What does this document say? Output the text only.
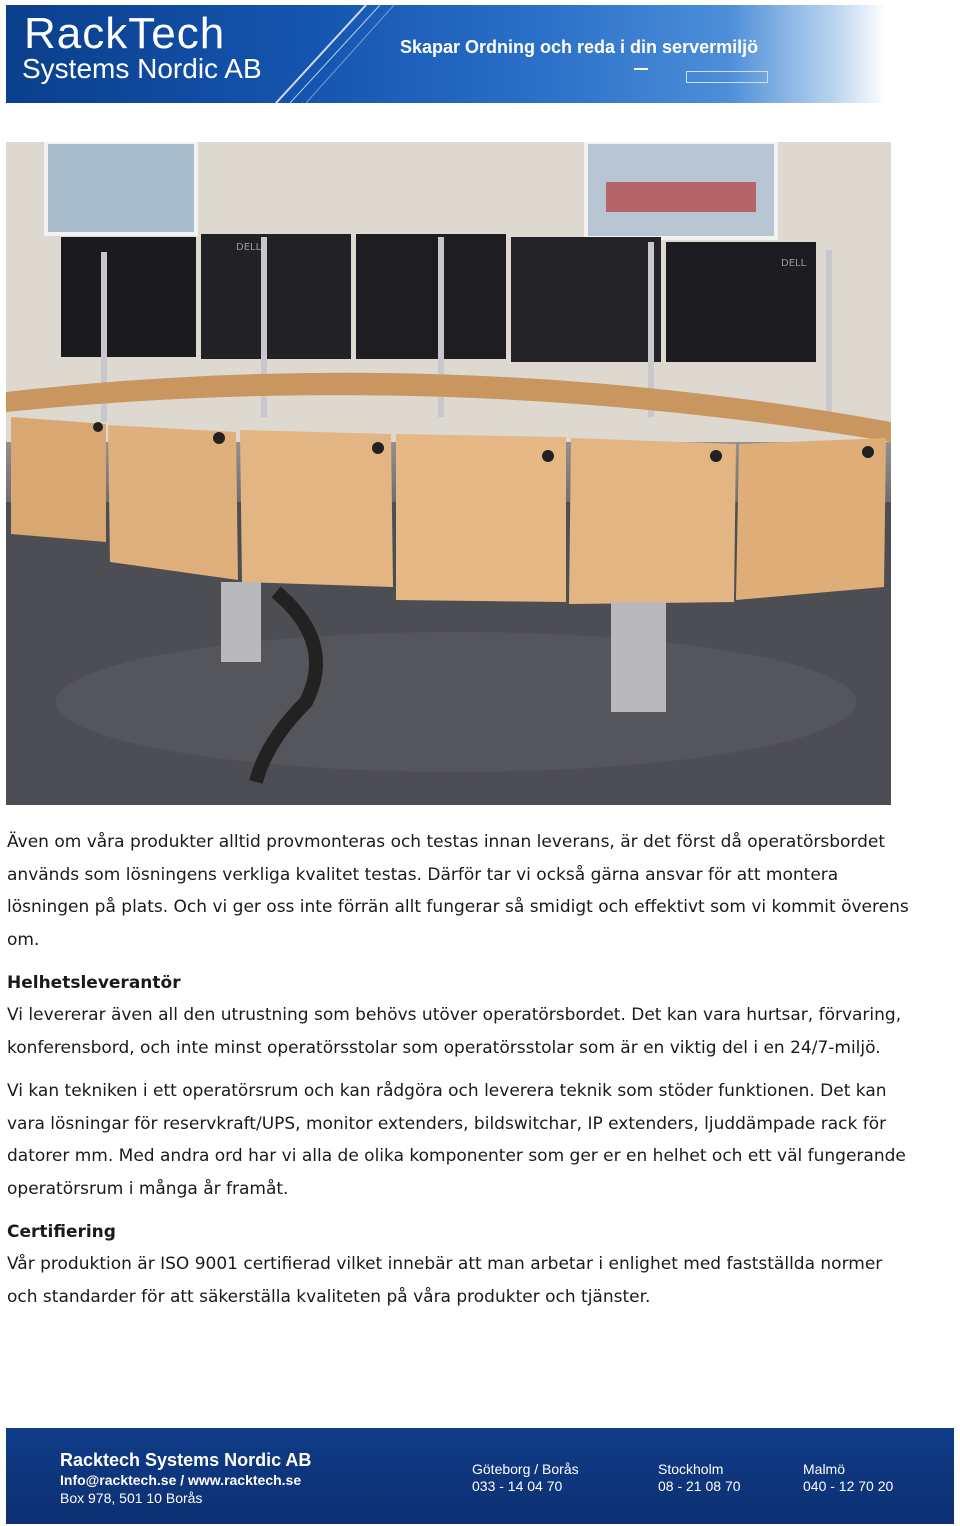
RackTech
Systems Nordic AB
Skapar Ordning och reda i din servermiljö
DELL
DELL
Även om våra produkter alltid provmonteras och testas innan leverans, är det först då operatörsbordet
används som lösningens verkliga kvalitet testas. Därför tar vi också gärna ansvar för att montera
lösningen på plats. Och vi ger oss inte förrän allt fungerar så smidigt och effektivt som vi kommit överens
om.
Helhetsleverantör
Vi levererar även all den utrustning som behövs utöver operatörsbordet. Det kan vara hurtsar, förvaring,
konferensbord, och inte minst operatörsstolar som operatörsstolar som är en viktig del i en 24/7-miljö.
Vi kan tekniken i ett operatörsrum och kan rådgöra och leverera teknik som stöder funktionen. Det kan
vara lösningar för reservkraft/UPS, monitor extenders, bildswitchar, IP extenders, ljuddämpade rack för
datorer mm. Med andra ord har vi alla de olika komponenter som ger er en helhet och ett väl fungerande
operatörsrum i många år framåt.
Certifiering
Vår produktion är ISO 9001 certifierad vilket innebär att man arbetar i enlighet med fastställda normer
och standarder för att säkerställa kvaliteten på våra produkter och tjänster.
Racktech Systems Nordic AB
Info@racktech.se / www.racktech.se
Box 978, 501 10 Borås
Göteborg / Borås
033 - 14 04 70
Stockholm
08 - 21 08 70
Malmö
040 - 12 70 20
